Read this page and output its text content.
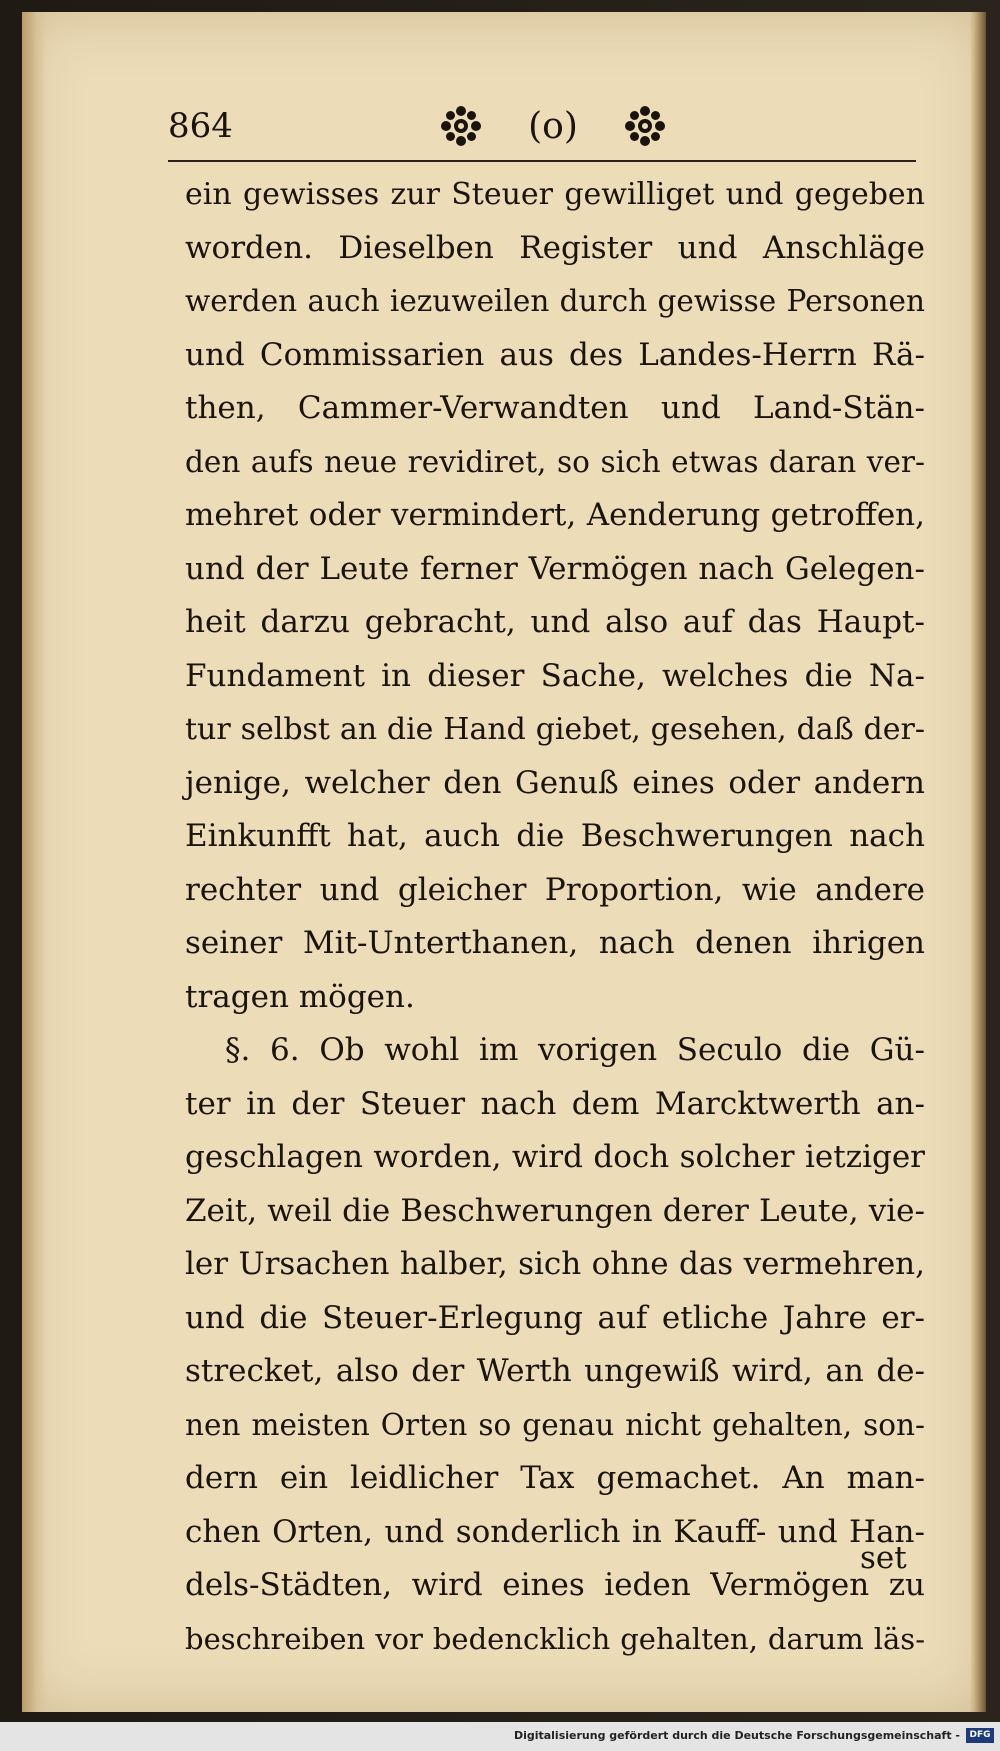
864	(o)
ein gewisses zur Steuer gewilliget und gegeben
worden. Dieselben Register und Anschläge
werden auch iezuweilen durch gewisse Personen
und Commissarien aus des Landes-Herrn Rä-
then, Cammer-Verwandten und Land-Stän-
den aufs neue revidiret, so sich etwas daran ver-
mehret oder vermindert, Aenderung getroffen,
und der Leute ferner Vermögen nach Gelegen-
heit darzu gebracht, und also auf das Haupt-
Fundament in dieser Sache, welches die Na-
tur selbst an die Hand giebet, gesehen, daß der-
jenige, welcher den Genuß eines oder andern
Einkunfft hat, auch die Beschwerungen nach
rechter und gleicher Proportion, wie andere
seiner Mit-Unterthanen, nach denen ihrigen
tragen mögen.
§. 6. Ob wohl im vorigen Seculo die Gü-
ter in der Steuer nach dem Marcktwerth an-
geschlagen worden, wird doch solcher ietziger
Zeit, weil die Beschwerungen derer Leute, vie-
ler Ursachen halber, sich ohne das vermehren,
und die Steuer-Erlegung auf etliche Jahre er-
strecket, also der Werth ungewiß wird, an de-
nen meisten Orten so genau nicht gehalten, son-
dern ein leidlicher Tax gemachet. An man-
chen Orten, und sonderlich in Kauff- und Han-
dels-Städten, wird eines ieden Vermögen zu
beschreiben vor bedencklich gehalten, darum läs-
set
Digitalisierung gefördert durch die Deutsche Forschungsgemeinschaft -	DFG
